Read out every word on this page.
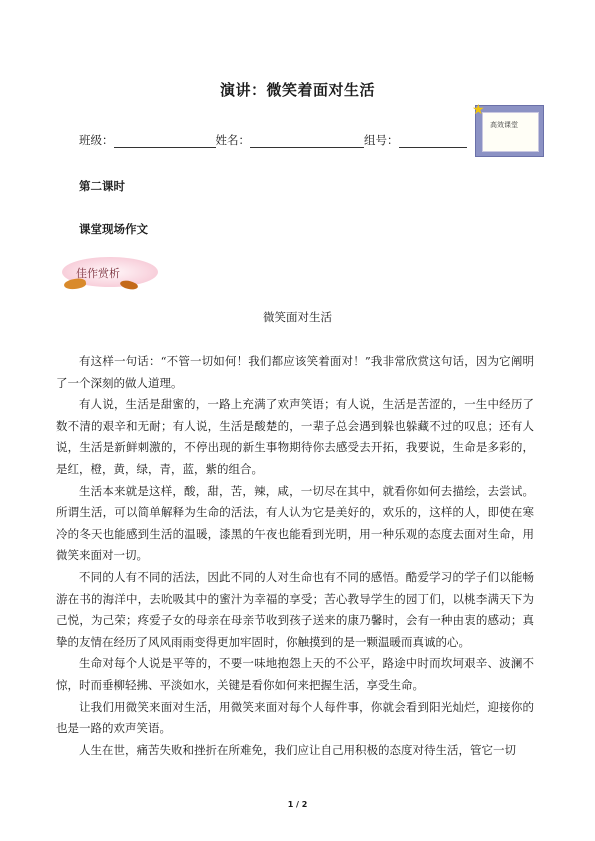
演讲：微笑着面对生活
班级：	姓名：	组号：
★
高效课堂
第二课时
课堂现场作文
佳作赏析
微笑面对生活

有这样一句话：“不管一切如何！我们都应该笑着面对！”我非常欣赏这句话，因为它阐明了一个深刻的做人道理。

有人说，生活是甜蜜的，一路上充满了欢声笑语；有人说，生活是苦涩的，一生中经历了数不清的艰辛和无耐；有人说，生活是酸楚的，一辈子总会遇到躲也躲藏不过的叹息；还有人说，生活是新鲜刺激的，不停出现的新生事物期待你去感受去开拓，我要说，生命是多彩的，是红，橙，黄，绿，青，蓝，紫的组合。

生活本来就是这样，酸，甜，苦，辣，咸，一切尽在其中，就看你如何去描绘，去尝试。所谓生活，可以简单解释为生命的活法，有人认为它是美好的，欢乐的，这样的人，即使在寒冷的冬天也能感到生活的温暖，漆黑的午夜也能看到光明，用一种乐观的态度去面对生命，用微笑来面对一切。

不同的人有不同的活法，因此不同的人对生命也有不同的感悟。酷爱学习的学子们以能畅游在书的海洋中，去吮吸其中的蜜汁为幸福的享受；苦心教导学生的园丁们，以桃李满天下为己悦，为己荣；疼爱子女的母亲在母亲节收到孩子送来的康乃馨时，会有一种由衷的感动；真挚的友情在经历了风风雨雨变得更加牢固时，你触摸到的是一颗温暖而真诚的心。

生命对每个人说是平等的，不要一味地抱怨上天的不公平，路途中时而坎坷艰辛、波澜不惊，时而垂柳轻拂、平淡如水，关键是看你如何来把握生活，享受生命。

让我们用微笑来面对生活，用微笑来面对每个人每件事，你就会看到阳光灿烂，迎接你的也是一路的欢声笑语。

人生在世，痛苦失败和挫折在所难免，我们应让自己用积极的态度对待生活，管它一切

1 / 2
